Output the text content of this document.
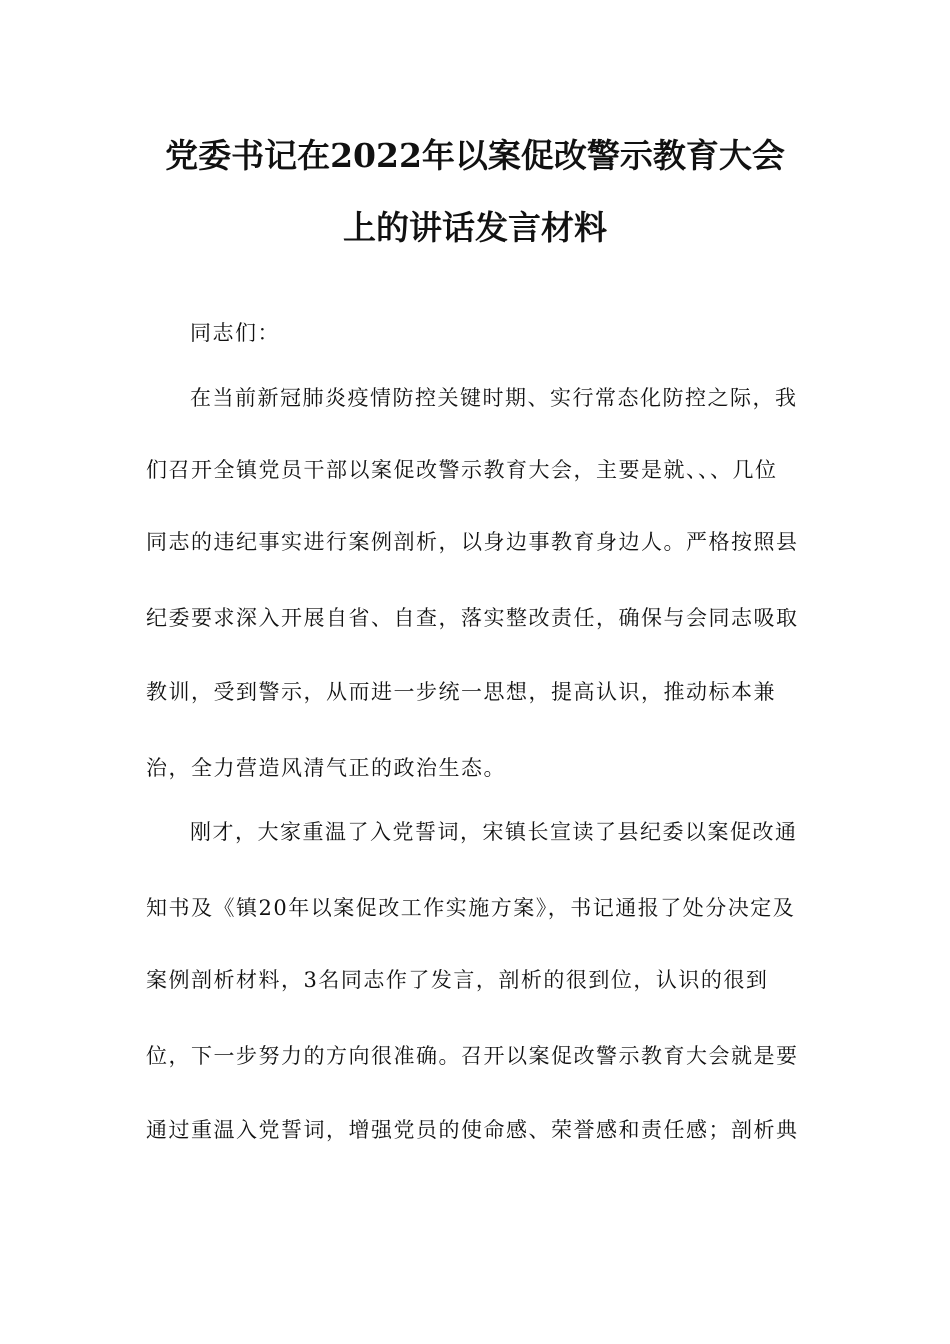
党委书记在2022年以案促改警示教育大会
上的讲话发言材料
同志们：
在当前新冠肺炎疫情防控关键时期、实行常态化防控之际，我
们召开全镇党员干部以案促改警示教育大会，主要是就、、、几位
同志的违纪事实进行案例剖析，以身边事教育身边人。严格按照县
纪委要求深入开展自省、自查，落实整改责任，确保与会同志吸取
教训，受到警示，从而进一步统一思想，提高认识，推动标本兼
治，全力营造风清气正的政治生态。
刚才，大家重温了入党誓词，宋镇长宣读了县纪委以案促改通
知书及《镇20年以案促改工作实施方案》，书记通报了处分决定及
案例剖析材料，3名同志作了发言，剖析的很到位，认识的很到
位，下一步努力的方向很准确。召开以案促改警示教育大会就是要
通过重温入党誓词，增强党员的使命感、荣誉感和责任感；剖析典
